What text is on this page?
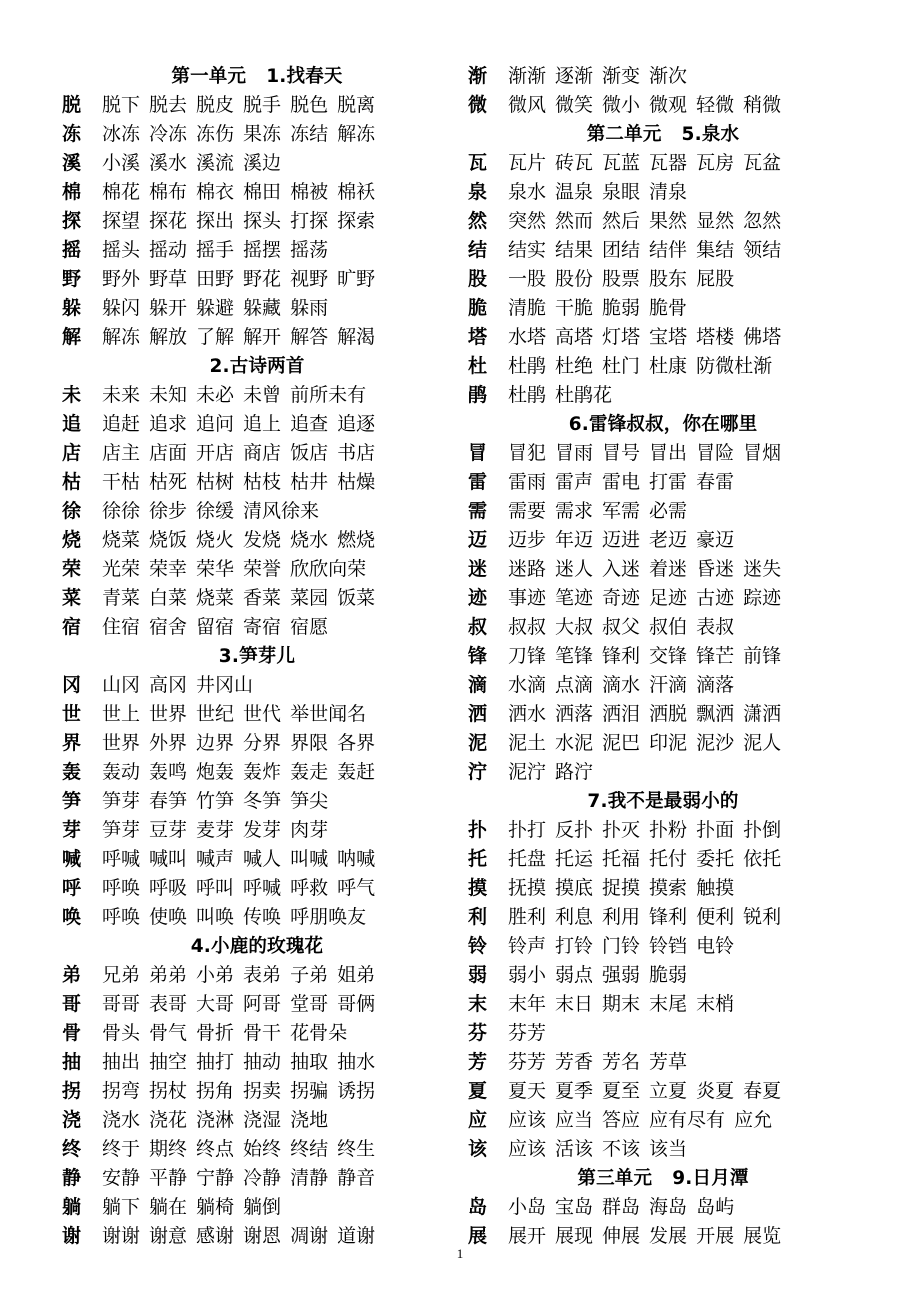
第一单元 1.找春天
脱	脱下 脱去 脱皮 脱手 脱色 脱离
冻	冰冻 冷冻 冻伤 果冻 冻结 解冻
溪	小溪 溪水 溪流 溪边
棉	棉花 棉布 棉衣 棉田 棉被 棉袄
探	探望 探花 探出 探头 打探 探索
摇	摇头 摇动 摇手 摇摆 摇荡
野	野外 野草 田野 野花 视野 旷野
躲	躲闪 躲开 躲避 躲藏 躲雨
解	解冻 解放 了解 解开 解答 解渴
2.古诗两首
未	未来 未知 未必 未曾 前所未有
追	追赶 追求 追问 追上 追查 追逐
店	店主 店面 开店 商店 饭店 书店
枯	干枯 枯死 枯树 枯枝 枯井 枯燥
徐	徐徐 徐步 徐缓 清风徐来
烧	烧菜 烧饭 烧火 发烧 烧水 燃烧
荣	光荣 荣幸 荣华 荣誉 欣欣向荣
菜	青菜 白菜 烧菜 香菜 菜园 饭菜
宿	住宿 宿舍 留宿 寄宿 宿愿
3.笋芽儿
冈	山冈 高冈 井冈山
世	世上 世界 世纪 世代 举世闻名
界	世界 外界 边界 分界 界限 各界
轰	轰动 轰鸣 炮轰 轰炸 轰走 轰赶
笋	笋芽 春笋 竹笋 冬笋 笋尖
芽	笋芽 豆芽 麦芽 发芽 肉芽
喊	呼喊 喊叫 喊声 喊人 叫喊 呐喊
呼	呼唤 呼吸 呼叫 呼喊 呼救 呼气
唤	呼唤 使唤 叫唤 传唤 呼朋唤友
4.小鹿的玫瑰花
弟	兄弟 弟弟 小弟 表弟 子弟 姐弟
哥	哥哥 表哥 大哥 阿哥 堂哥 哥俩
骨	骨头 骨气 骨折 骨干 花骨朵
抽	抽出 抽空 抽打 抽动 抽取 抽水
拐	拐弯 拐杖 拐角 拐卖 拐骗 诱拐
浇	浇水 浇花 浇淋 浇湿 浇地
终	终于 期终 终点 始终 终结 终生
静	安静 平静 宁静 冷静 清静 静音
躺	躺下 躺在 躺椅 躺倒
谢	谢谢 谢意 感谢 谢恩 凋谢 道谢
渐	渐渐 逐渐 渐变 渐次
微	微风 微笑 微小 微观 轻微 稍微
第二单元 5.泉水
瓦	瓦片 砖瓦 瓦蓝 瓦器 瓦房 瓦盆
泉	泉水 温泉 泉眼 清泉
然	突然 然而 然后 果然 显然 忽然
结	结实 结果 团结 结伴 集结 领结
股	一股 股份 股票 股东 屁股
脆	清脆 干脆 脆弱 脆骨
塔	水塔 高塔 灯塔 宝塔 塔楼 佛塔
杜	杜鹃 杜绝 杜门 杜康 防微杜渐
鹃	杜鹃 杜鹃花
6.雷锋叔叔，你在哪里
冒	冒犯 冒雨 冒号 冒出 冒险 冒烟
雷	雷雨 雷声 雷电 打雷 春雷
需	需要 需求 军需 必需
迈	迈步 年迈 迈进 老迈 豪迈
迷	迷路 迷人 入迷 着迷 昏迷 迷失
迹	事迹 笔迹 奇迹 足迹 古迹 踪迹
叔	叔叔 大叔 叔父 叔伯 表叔
锋	刀锋 笔锋 锋利 交锋 锋芒 前锋
滴	水滴 点滴 滴水 汗滴 滴落
洒	洒水 洒落 洒泪 洒脱 飘洒 潇洒
泥	泥土 水泥 泥巴 印泥 泥沙 泥人
泞	泥泞 路泞
7.我不是最弱小的
扑	扑打 反扑 扑灭 扑粉 扑面 扑倒
托	托盘 托运 托福 托付 委托 依托
摸	抚摸 摸底 捉摸 摸索 触摸
利	胜利 利息 利用 锋利 便利 锐利
铃	铃声 打铃 门铃 铃铛 电铃
弱	弱小 弱点 强弱 脆弱
末	末年 末日 期末 末尾 末梢
芬	芬芳
芳	芬芳 芳香 芳名 芳草
夏	夏天 夏季 夏至 立夏 炎夏 春夏
应	应该 应当 答应 应有尽有 应允
该	应该 活该 不该 该当
第三单元 9.日月潭
岛	小岛 宝岛 群岛 海岛 岛屿
展	展开 展现 伸展 发展 开展 展览
1
